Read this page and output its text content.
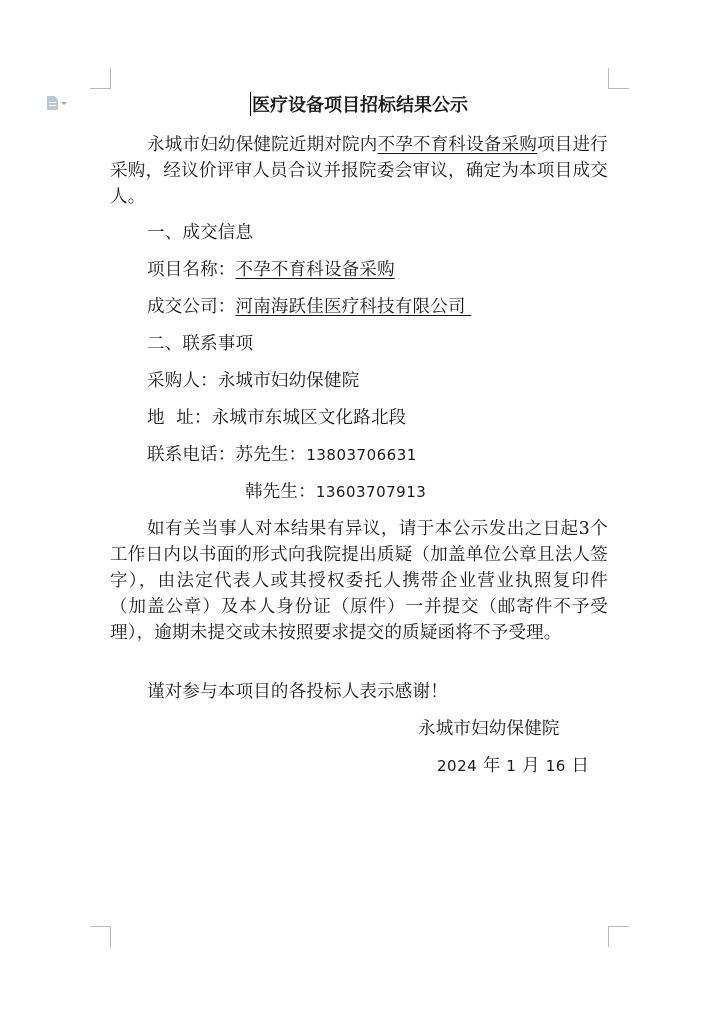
医疗设备项目招标结果公示
永城市妇幼保健院近期对院内不孕不育科设备采购项目进行采购，经议价评审人员合议并报院委会审议，确定为本项目成交人。
一、成交信息
项目名称：不孕不育科设备采购
成交公司：河南海跃佳医疗科技有限公司
二、联系事项
采购人：永城市妇幼保健院
地  址：永城市东城区文化路北段
联系电话：苏先生：13803706631
韩先生：13603707913
如有关当事人对本结果有异议，请于本公示发出之日起3个工作日内以书面的形式向我院提出质疑（加盖单位公章且法人签字），由法定代表人或其授权委托人携带企业营业执照复印件（加盖公章）及本人身份证（原件）一并提交（邮寄件不予受理），逾期未提交或未按照要求提交的质疑函将不予受理。
谨对参与本项目的各投标人表示感谢！
永城市妇幼保健院
2024 年 1 月 16 日
